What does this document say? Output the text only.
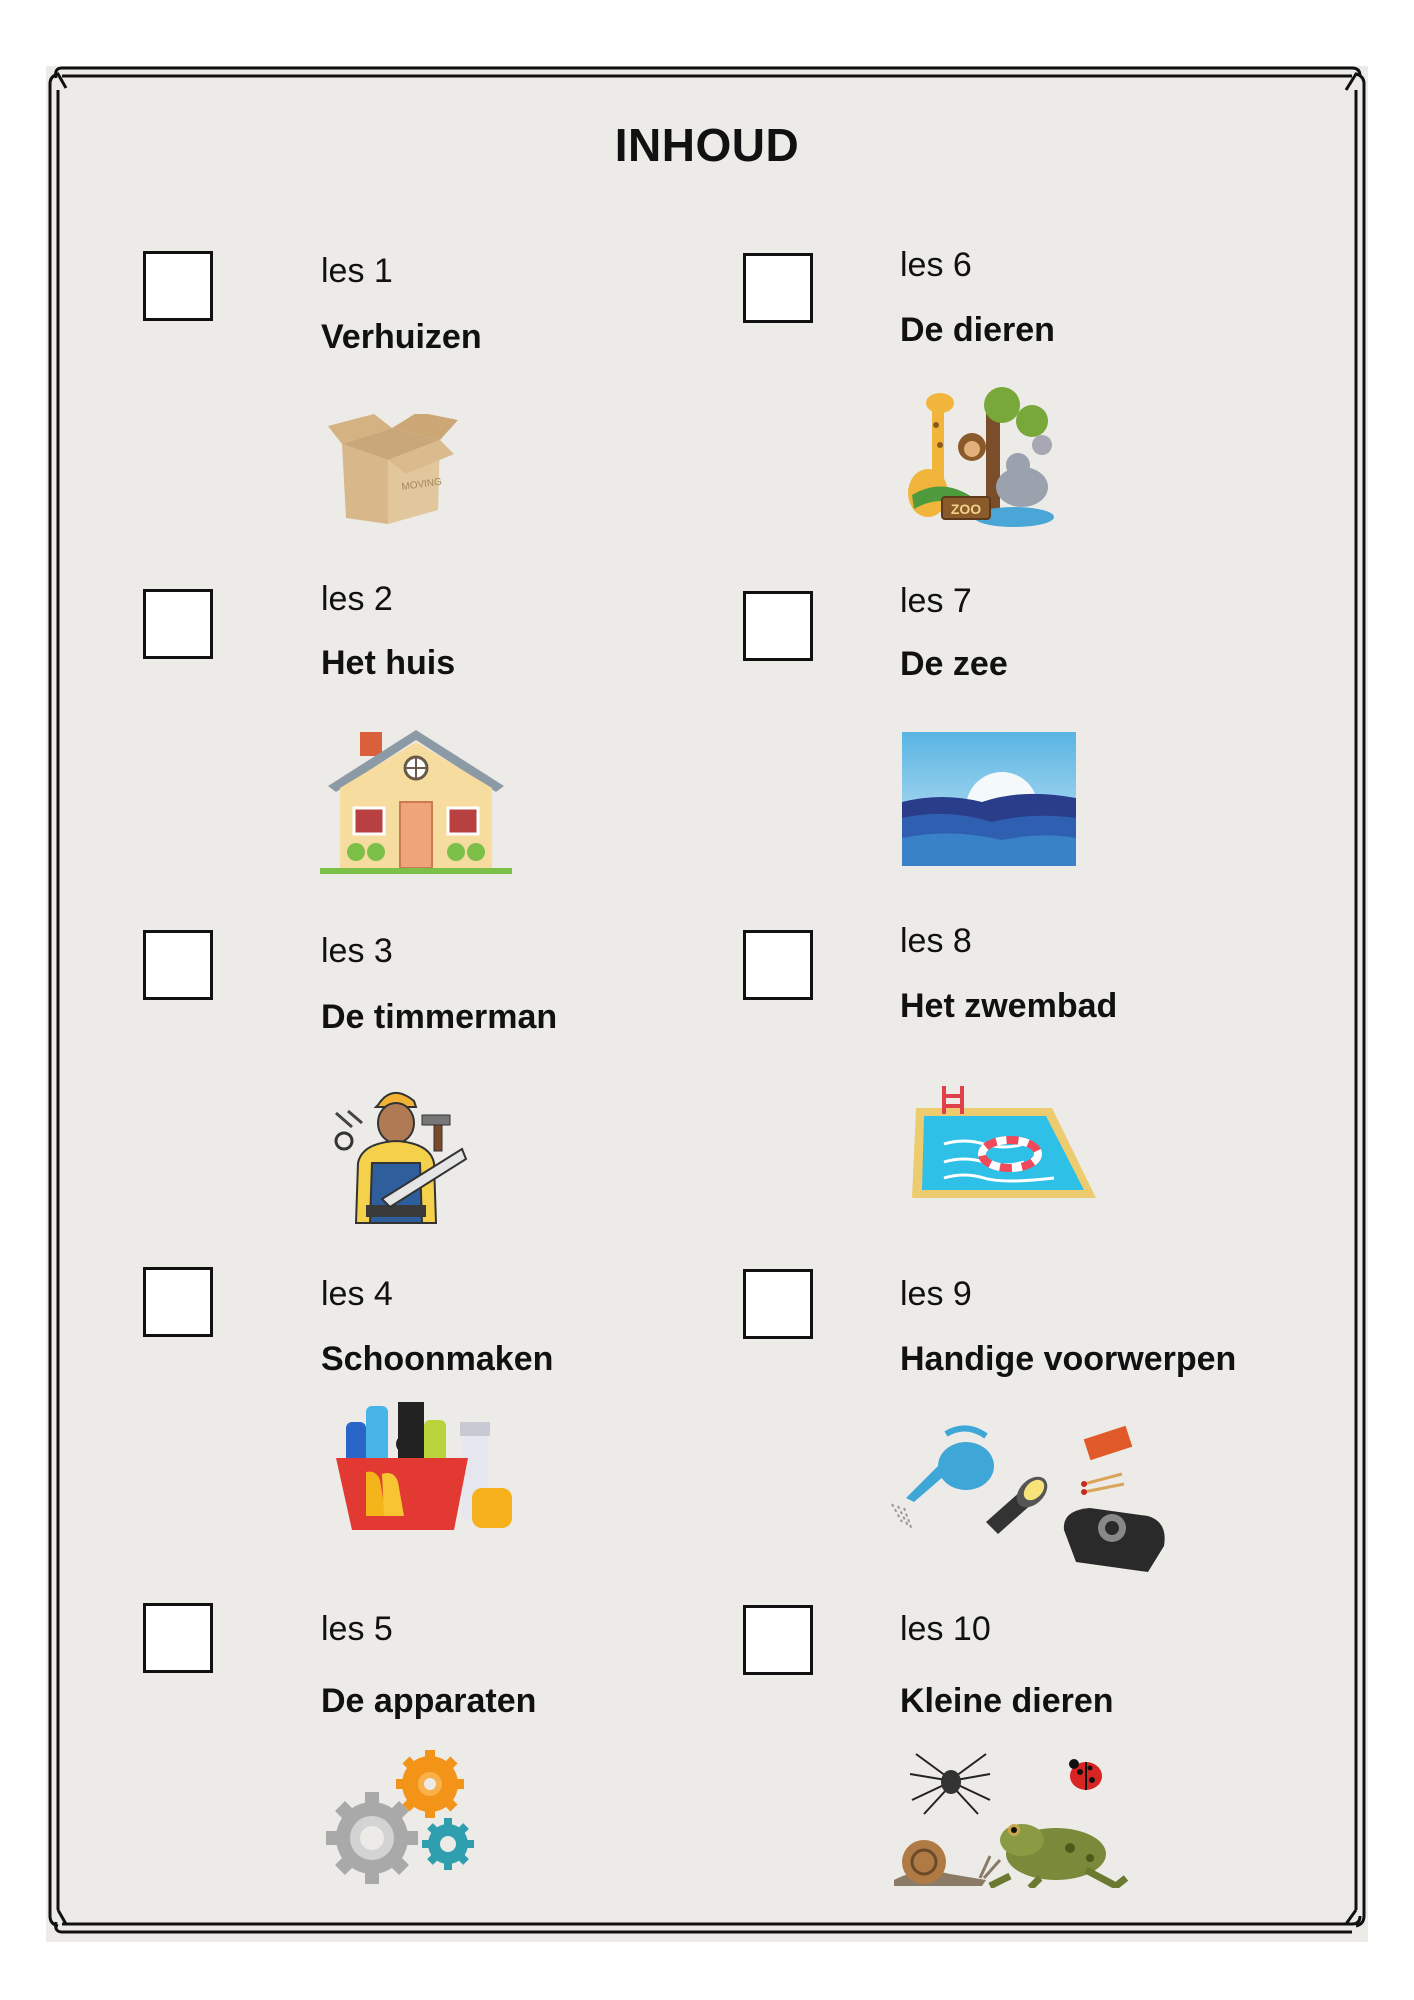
INHOUD
les 1
Verhuizen
MOVING
les 2
Het huis
les 3
De timmerman
les 4
Schoonmaken
les 5
De apparaten
les 6
De dieren
ZOO
les 7
De zee
les 8
Het zwembad
les 9
Handige voorwerpen
les 10
Kleine dieren
